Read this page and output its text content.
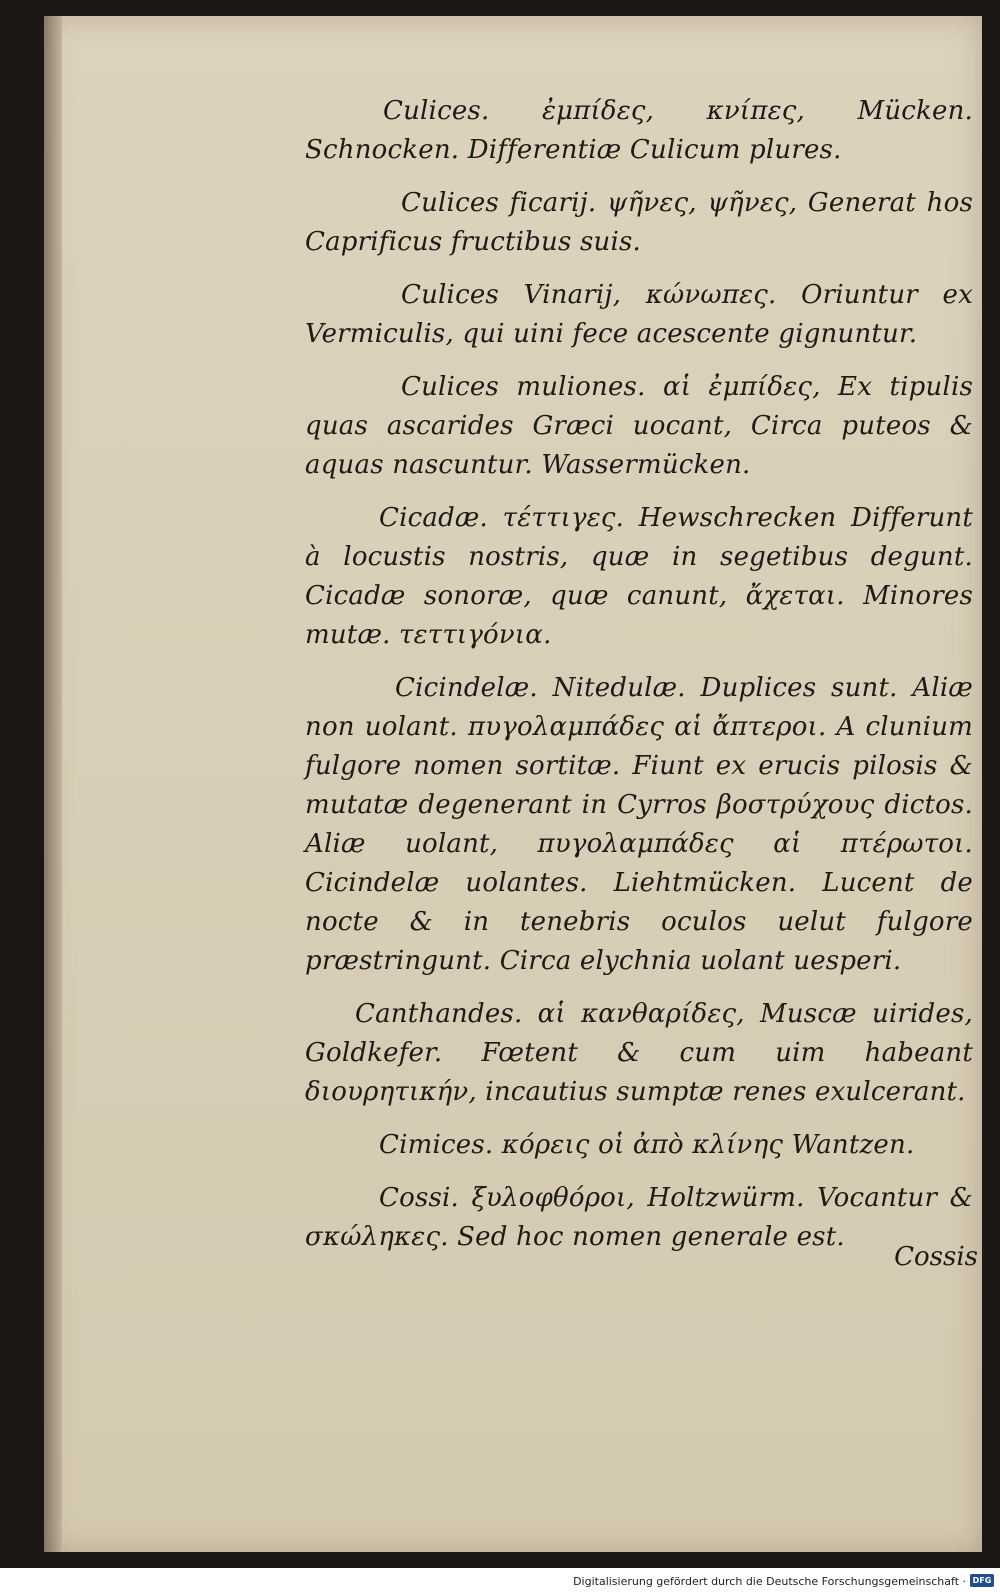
Culices. ἐμπίδες, κνίπες, Mücken. Schnocken. Differentiæ Culicum plures.

Culices ficarij. ψῆνες, ψῆνες, Generat hos Caprificus fructibus suis.

Culices Vinarij, κώνωπες. Oriuntur ex Vermiculis, qui uini fece acescente gignuntur.

Culices muliones. αἱ ἐμπίδες, Ex tipulis quas ascarides Græci uocant, Circa puteos & aquas nascuntur. Wassermücken.

Cicadæ. τέττιγες. Hewschrecken Differunt à locustis nostris, quæ in segetibus degunt. Cicadæ sonoræ, quæ canunt, ἄχεται. Minores mutæ. τεττιγόνια.

Cicindelæ. Nitedulæ. Duplices sunt. Aliæ non uolant. πυγολαμπάδες αἱ ἄπτεροι. A clunium fulgore nomen sortitæ. Fiunt ex erucis pilosis & mutatæ degenerant in Cyrros βοστρύχους dictos. Aliæ uolant, πυγολαμπάδες αἱ πτέρωτοι. Cicindelæ uolantes. Liehtmücken. Lucent de nocte & in tenebris oculos uelut fulgore præstringunt. Circa elychnia uolant uesperi.

Canthandes. αἱ κανθαρίδες, Muscæ uirides, Goldkefer. Fœtent & cum uim habeant διουρητικήν, incautius sumptæ renes exulcerant.

Cimices. κόρεις οἱ ἀπὸ κλίνης Wantzen.

Cossi. ξυλοφθόροι, Holtzwürm. Vocantur & σκώληκες. Sed hoc nomen generale est.

Cossis
Digitalisierung gefördert durch die Deutsche Forschungsgemeinschaft · DFG
